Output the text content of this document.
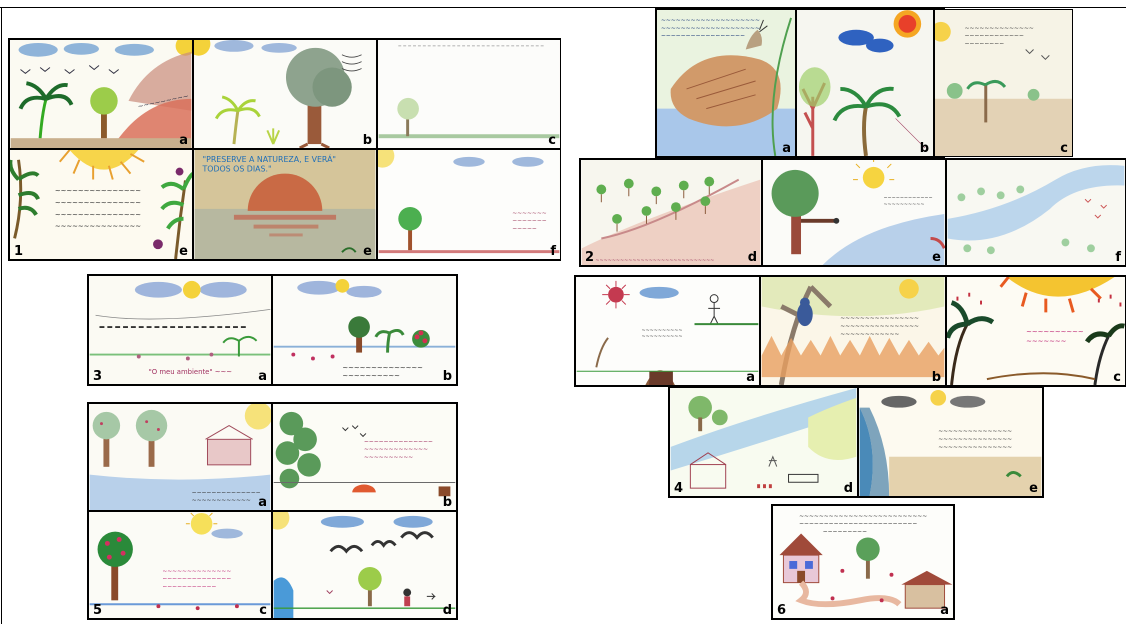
~~~~~~~~~
a	b	c
~~~~~~~~~~~~~~~
~~~~~~~~~~~~~~~
~~~~~~~~~~~~~~~
~~~~~~~~~~~~~~~
1	e
"PRESERVE A NATUREZA, E VERÁ"
TODOS OS DIAS."
e
~~~~~~~
~~~~~~~
~~~~~
f
~~~~~~~~~~~~~~~~~~~~
~~~~~~~~~~~~~~~~~~~~
~~~~~~~~~~~~~~~~~
a	b
~~~~~~~~~~~~~~
~~~~~~~~~~~~
~~~~~~~~
c
~~~~~~~~~~~~~~~~~~~~~~~~~~~~~
2	d
~~~~~~~~~~~~
~~~~~~~~~~
e	f
"O meu ambiente" ~~~
3	a
~~~~~~~~~~~~~~
~~~~~~~~~~	b
~~~~~~~~~~
~~~~~~~~~~
a
~~~~~~~~~~~~~~~~
~~~~~~~~~~~~~~~~
~~~~~~~~~~~~
b
~~~~~~~~~~
~~~~~~~
c
4	d
~~~~~~~~~~~~~~~
~~~~~~~~~~~~~~~
~~~~~~~~~~~~~~~
e
~~~~~~~~~~~~~~
~~~~~~~~~~~~ a
~~~~~~~~~~~~~~
~~~~~~~~~~~~~
~~~~~~~~~~
b
~~~~~~~~~~~~~~
~~~~~~~~~~~~~~
~~~~~~~~~~~
5	c	d
~~~~~~~~~~~~~~~~~~~~~~~~~~
~~~~~~~~~~~~~~~~~~~~~~~~
~~~~~~~~~
6	a
